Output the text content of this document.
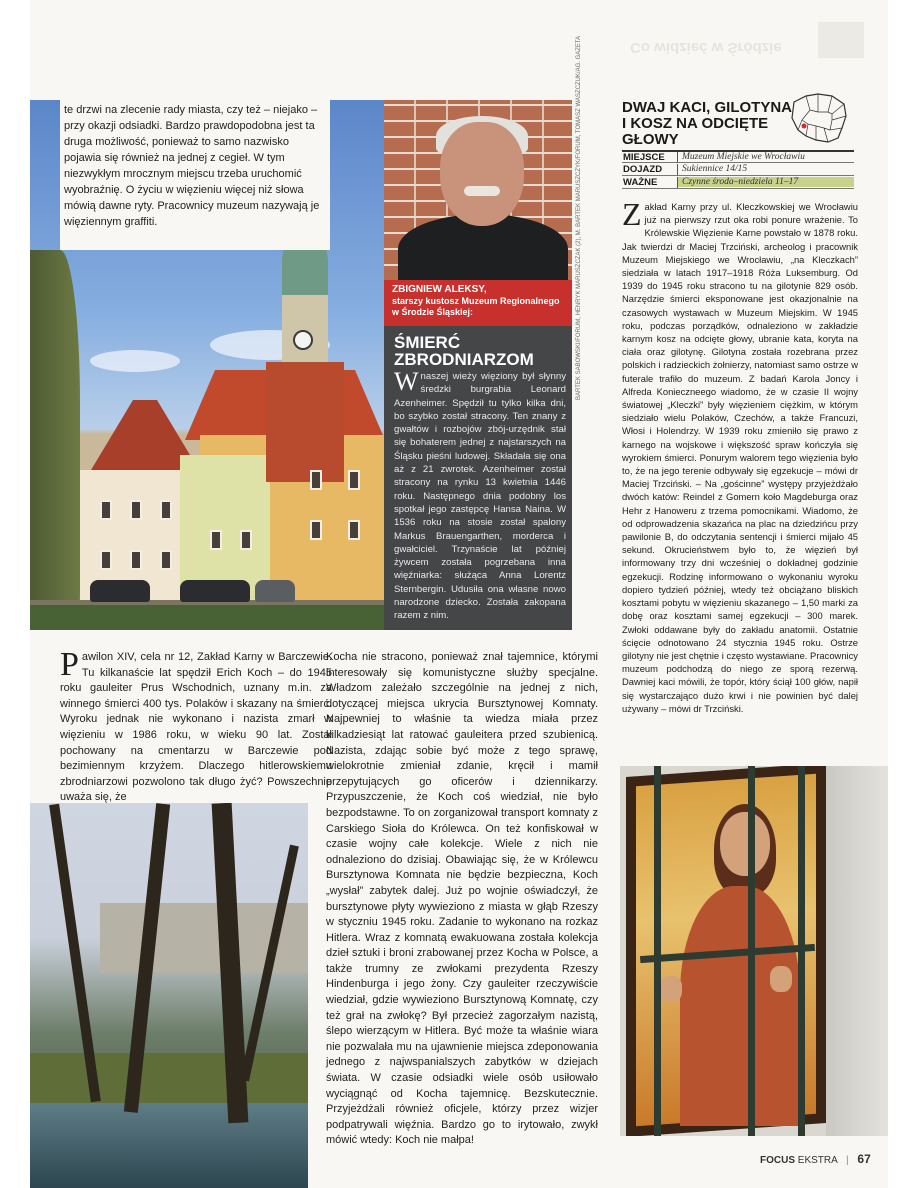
Co widzieć w Śródzie
te drzwi na zlecenie rady miasta, czy też – niejako – przy okazji odsiadki. Bardzo prawdopodobna jest ta druga możliwość, ponieważ to samo nazwisko pojawia się również na jednej z cegieł. W tym niezwykłym mrocznym miejscu trzeba uruchomić wyobraźnię. O życiu w więzieniu więcej niż słowa mówią dawne ryty. Pracownicy muzeum nazywają je więziennym graffiti.
ZBIGNIEW ALEKSY,
starszy kustosz Muzeum Regionalnego w Środzie Śląskiej:
ŚMIERĆ ZBRODNIARZOM
Wnaszej wieży więziony był słynny średzki burgrabia Leonard Azenheimer. Spędził tu tylko kilka dni, bo szybko został stracony. Ten znany z gwałtów i rozbojów zbój-urzędnik stał się bohaterem jednej z najstarszych na Śląsku pieśni ludowej. Składała się ona aż z 21 zwrotek. Azenheimer został stracony na rynku 13 kwietnia 1446 roku. Następnego dnia podobny los spotkał jego zastępcę Hansa Naina. W 1536 roku na stosie został spalony Markus Brauengarthen, morderca i gwałciciel. Trzynaście lat później żywcem została pogrzebana inna więźniarka: służąca Anna Lorentz Sternbergin. Udusiła ona własne nowo narodzone dziecko. Została zakopana razem z nim.
BARTEK SABOWSKI/FORUM, HENRYK MARUSZCZAK (2), M. BARTEK MARUSZCZYK/FORUM, TOMASZ WASZCZUK/AG. GAZETA	DWAJ KACI, GILOTYNA I KOSZ NA ODCIĘTE GŁOWY
MIEJSCE	Muzeum Miejskie we Wrocławiu
DOJAZD	Sukiennice 14/15
WAŻNE	Czynne środa–niedziela 11–17
Zakład Karny przy ul. Kleczkowskiej we Wrocławiu już na pierwszy rzut oka robi ponure wrażenie. To Królewskie Więzienie Karne powstało w 1878 roku. Jak twierdzi dr Maciej Trzciński, archeolog i pracownik Muzeum Miejskiego we Wrocławiu, „na Kleczkach” siedziała w latach 1917–1918 Róża Luksemburg. Od 1939 do 1945 roku stracono tu na gilotynie 829 osób. Narzędzie śmierci eksponowane jest okazjonalnie na czasowych wystawach w Muzeum Miejskim. W 1945 roku, podczas porządków, odnaleziono w zakładzie karnym kosz na odcięte głowy, ubranie kata, koryta na ciała oraz gilotynę. Gilotyna została rozebrana przez polskich i radzieckich żołnierzy, natomiast samo ostrze w futerale trafiło do muzeum. Z badań Karola Joncy i Alfreda Konieczneego wiadomo, że w czasie II wojny światowej „Kleczki” były więzieniem ciężkim, w którym siedziało wielu Polaków, Czechów, a także Francuzi, Włosi i Holendrzy. W 1939 roku zmieniło się prawo z karnego na wojskowe i większość spraw kończyła się wyrokiem śmierci. Ponurym walorem tego więzienia było to, że na jego terenie odbywały się egzekucje – mówi dr Maciej Trzciński. – Na „gościnne” występy przyjeżdżało dwóch katów: Reindel z Gomern koło Magdeburga oraz Hehr z Hanoweru z trzema pomocnikami. Wiadomo, że od odprowadzenia skazańca na plac na dziedzińcu przy pawilonie B, do odczytania sentencji i śmierci mijało 45 sekund. Okrucieństwem było to, że więzień był informowany trzy dni wcześniej o dokładnej godzinie egzekucji. Rodzinę informowano o wykonaniu wyroku dopiero tydzień później, wtedy też obciążano bliskich kosztami pobytu w więzieniu skazanego – 1,50 marki za dobę oraz kosztami samej egzekucji – 300 marek. Zwłoki oddawane były do zakładu anatomii. Ostatnie ścięcie odnotowano 24 stycznia 1945 roku. Ostrze gilotyny nie jest chętnie i często wystawiane. Pracownicy muzeum podchodzą do niego ze sporą rezerwą. Dawniej kaci mówili, że topór, który ściął 100 głów, napił się wystarczająco dużo krwi i nie powinien być dalej używany – mówi dr Trzciński.
Pawilon XIV, cela nr 12, Zakład Karny w Barczewie. Tu kilkanaście lat spędził Erich Koch – do 1945 roku gauleiter Prus Wschodnich, uznany m.in. za winnego śmierci 400 tys. Polaków i skazany na śmierć. Wyroku jednak nie wykonano i nazista zmarł w więzieniu w 1986 roku, w wieku 90 lat. Został pochowany na cmentarzu w Barczewie pod bezimiennym krzyżem. Dlaczego hitlerowskiemu zbrodniarzowi pozwolono tak długo żyć? Powszechnie uważa się, że
Kocha nie stracono, ponieważ znał tajemnice, którymi interesowały się komunistyczne służby specjalne. Władzom zależało szczególnie na jednej z nich, dotyczącej miejsca ukrycia Bursztynowej Komnaty. Najpewniej to właśnie ta wiedza miała przez kilkadziesiąt lat ratować gauleitera przed szubienicą. Nazista, zdając sobie być może z tego sprawę, wielokrotnie zmieniał zdanie, kręcił i mamił przepytujących go oficerów i dziennikarzy. Przypuszczenie, że Koch coś wiedział, nie było bezpodstawne. To on zorganizował transport komnaty z Carskiego Sioła do Królewca. On też konfiskował w czasie wojny całe kolekcje. Wiele z nich nie odnaleziono do dzisiaj. Obawiając się, że w Królewcu Bursztynowa Komnata nie będzie bezpieczna, Koch „wysłał” zabytek dalej. Już po wojnie oświadczył, że bursztynowe płyty wywieziono z miasta w głąb Rzeszy w styczniu 1945 roku. Zadanie to wykonano na rozkaz Hitlera. Wraz z komnatą ewakuowana została kolekcja dzieł sztuki i broni zrabowanej przez Kocha w Polsce, a także trumny ze zwłokami prezydenta Rzeszy Hindenburga i jego żony. Czy gauleiter rzeczywiście wiedział, gdzie wywieziono Bursztynową Komnatę, czy też grał na zwłokę? Był przecież zagorzałym nazistą, ślepo wierzącym w Hitlera. Być może ta właśnie wiara nie pozwalała mu na ujawnienie miejsca zdeponowania jednego z najwspanialszych zabytków w dziejach świata. W czasie odsiadki wiele osób usiłowało wyciągnąć od Kocha tajemnicę. Bezskutecznie. Przyjeżdżali również oficjele, którzy przez wizjer podpatrywali więźnia. Bardzo go to irytowało, zwykł mówić wtedy: Koch nie małpa!
FOCUS EKSTRA | 67
